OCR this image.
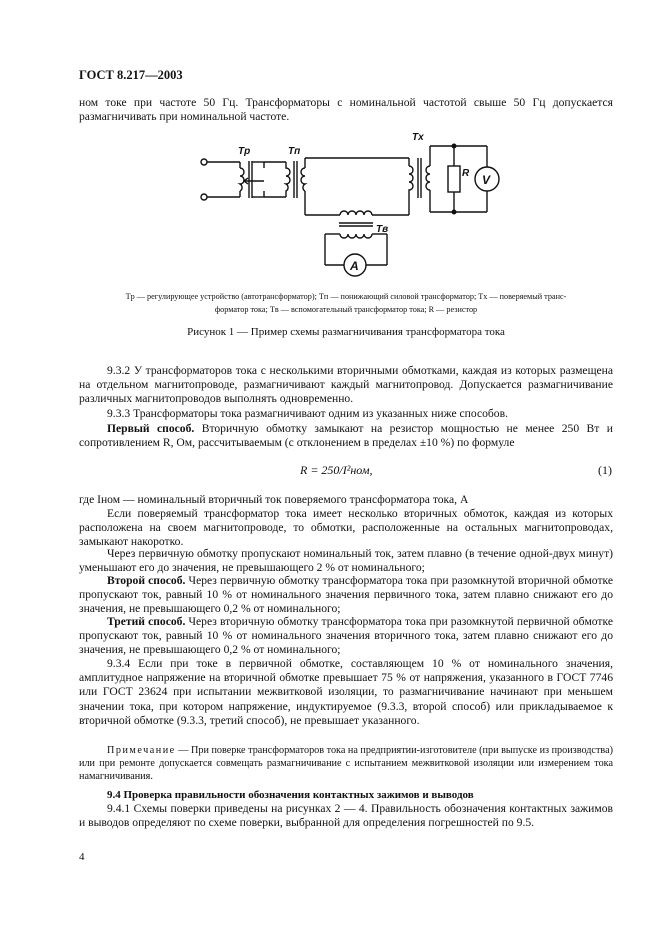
ГОСТ 8.217—2003
ном токе при частоте 50 Гц. Трансформаторы с номинальной частотой свыше 50 Гц допускается размагничивать при номинальной частоте.
Tр	Tп
Tх
Tв
R V
A
Tр — регулирующее устройство (автотрансформатор); Tп — понижающий силовой трансформатор; Tх — поверяемый транс-
форматор тока; Tв — вспомогательный трансформатор тока; R — резистор
Рисунок 1 — Пример схемы размагничивания трансформатора тока
9.3.2 У трансформаторов тока с несколькими вторичными обмотками, каждая из которых размещена на отдельном магнитопроводе, размагничивают каждый магнитопровод. Допускается размагничивание различных магнитопроводов выполнять одновременно.
9.3.3 Трансформаторы тока размагничивают одним из указанных ниже способов.
Первый способ. Вторичную обмотку замыкают на резистор мощностью не менее 250 Вт и сопротивлением R, Ом, рассчитываемым (с отклонением в пределах ±10 %) по формуле
R = 250/I²ном,	(1)
где Iном — номинальный вторичный ток поверяемого трансформатора тока, А
Если поверяемый трансформатор тока имеет несколько вторичных обмоток, каждая из которых расположена на своем магнитопроводе, то обмотки, расположенные на остальных магнитопроводах, замыкают накоротко.
Через первичную обмотку пропускают номинальный ток, затем плавно (в течение одной-двух минут) уменьшают его до значения, не превышающего 2 % от номинального;
Второй способ. Через первичную обмотку трансформатора тока при разомкнутой вторичной обмотке пропускают ток, равный 10 % от номинального значения первичного тока, затем плавно снижают его до значения, не превышающего 0,2 % от номинального;
Третий способ. Через вторичную обмотку трансформатора тока при разомкнутой первичной обмотке пропускают ток, равный 10 % от номинального значения вторичного тока, затем плавно снижают его до значения, не превышающего 0,2 % от номинального;
9.3.4 Если при токе в первичной обмотке, составляющем 10 % от номинального значения, амплитудное напряжение на вторичной обмотке превышает 75 % от напряжения, указанного в ГОСТ 7746 или ГОСТ 23624 при испытании межвитковой изоляции, то размагничивание начинают при меньшем значении тока, при котором напряжение, индуктируемое (9.3.3, второй способ) или прикладываемое к вторичной обмотке (9.3.3, третий способ), не превышает указанного.
Примечание — При поверке трансформаторов тока на предприятии-изготовителе (при выпуске из производства) или при ремонте допускается совмещать размагничивание с испытанием межвитковой изоляции или измерением тока намагничивания.
9.4 Проверка правильности обозначения контактных зажимов и выводов
9.4.1 Схемы поверки приведены на рисунках 2 — 4. Правильность обозначения контактных зажимов и выводов определяют по схеме поверки, выбранной для определения погрешностей по 9.5.
4
